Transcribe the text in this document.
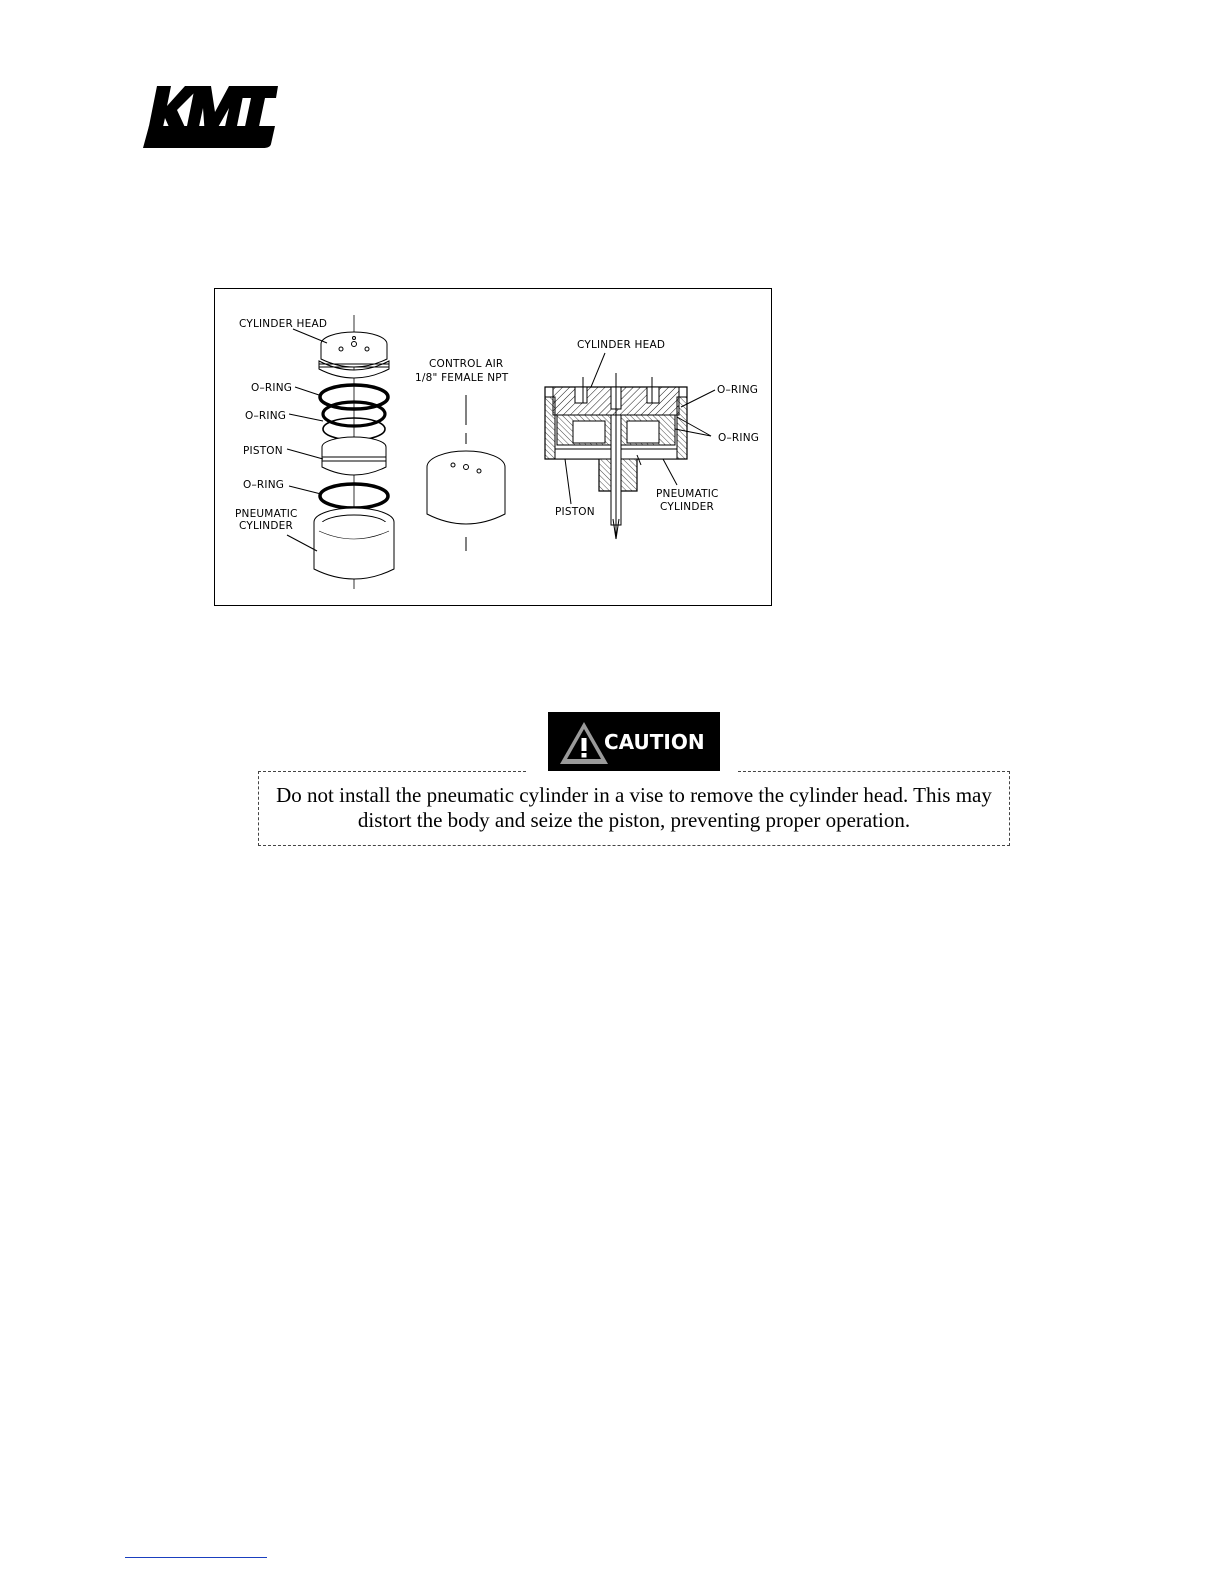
CYLINDER HEAD
O–RING
O–RING
PISTON
O–RING
PNEUMATIC
CYLINDER
CONTROL AIR
1/8" FEMALE NPT
CYLINDER HEAD
O–RING
O–RING
PISTON
PNEUMATIC
CYLINDER
CAUTION
Do not install the pneumatic cylinder in a vise to remove the cylinder head. This may distort the body and seize the piston, preventing proper operation.
